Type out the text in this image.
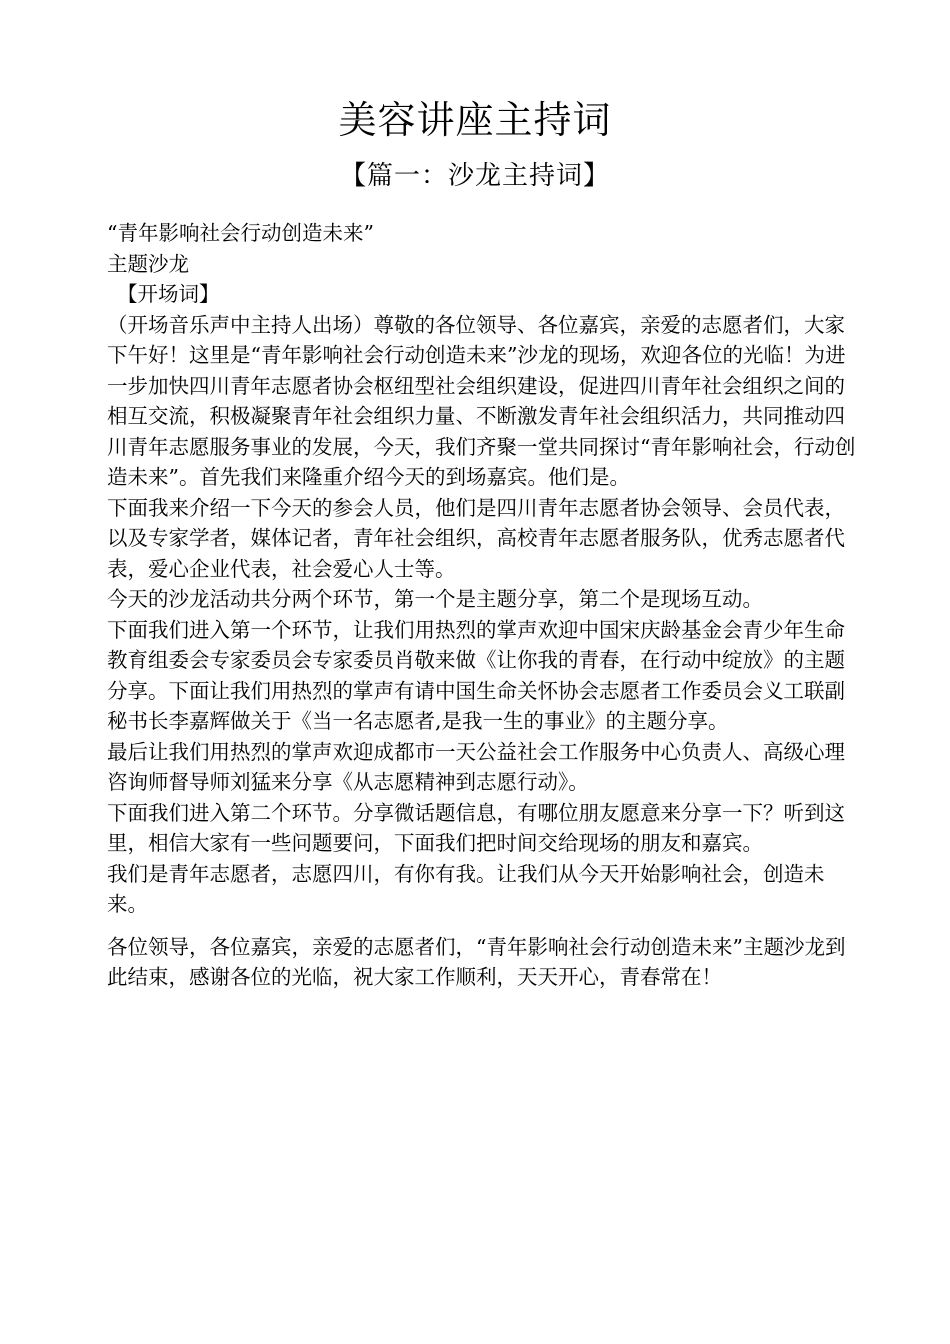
美容讲座主持词
【篇一：沙龙主持词】

“青年影响社会行动创造未来”

主题沙龙

【开场词】

（开场音乐声中主持人出场）尊敬的各位领导、各位嘉宾，亲爱的志愿者们，大家下午好！这里是“青年影响社会行动创造未来”沙龙的现场，欢迎各位的光临！为进一步加快四川青年志愿者协会枢纽型社会组织建设，促进四川青年社会组织之间的相互交流，积极凝聚青年社会组织力量、不断激发青年社会组织活力，共同推动四川青年志愿服务事业的发展，今天，我们齐聚一堂共同探讨“青年影响社会，行动创造未来”。首先我们来隆重介绍今天的到场嘉宾。他们是。

下面我来介绍一下今天的参会人员，他们是四川青年志愿者协会领导、会员代表，以及专家学者，媒体记者，青年社会组织，高校青年志愿者服务队，优秀志愿者代表，爱心企业代表，社会爱心人士等。

今天的沙龙活动共分两个环节，第一个是主题分享，第二个是现场互动。

下面我们进入第一个环节，让我们用热烈的掌声欢迎中国宋庆龄基金会青少年生命教育组委会专家委员会专家委员肖敬来做《让你我的青春，在行动中绽放》的主题分享。下面让我们用热烈的掌声有请中国生命关怀协会志愿者工作委员会义工联副秘书长李嘉辉做关于《当一名志愿者,是我一生的事业》的主题分享。

最后让我们用热烈的掌声欢迎成都市一天公益社会工作服务中心负责人、高级心理咨询师督导师刘猛来分享《从志愿精神到志愿行动》。

下面我们进入第二个环节。分享微话题信息，有哪位朋友愿意来分享一下？听到这里，相信大家有一些问题要问，下面我们把时间交给现场的朋友和嘉宾。

我们是青年志愿者，志愿四川，有你有我。让我们从今天开始影响社会，创造未来。

各位领导，各位嘉宾，亲爱的志愿者们，“青年影响社会行动创造未来”主题沙龙到此结束，感谢各位的光临，祝大家工作顺利，天天开心，青春常在！
